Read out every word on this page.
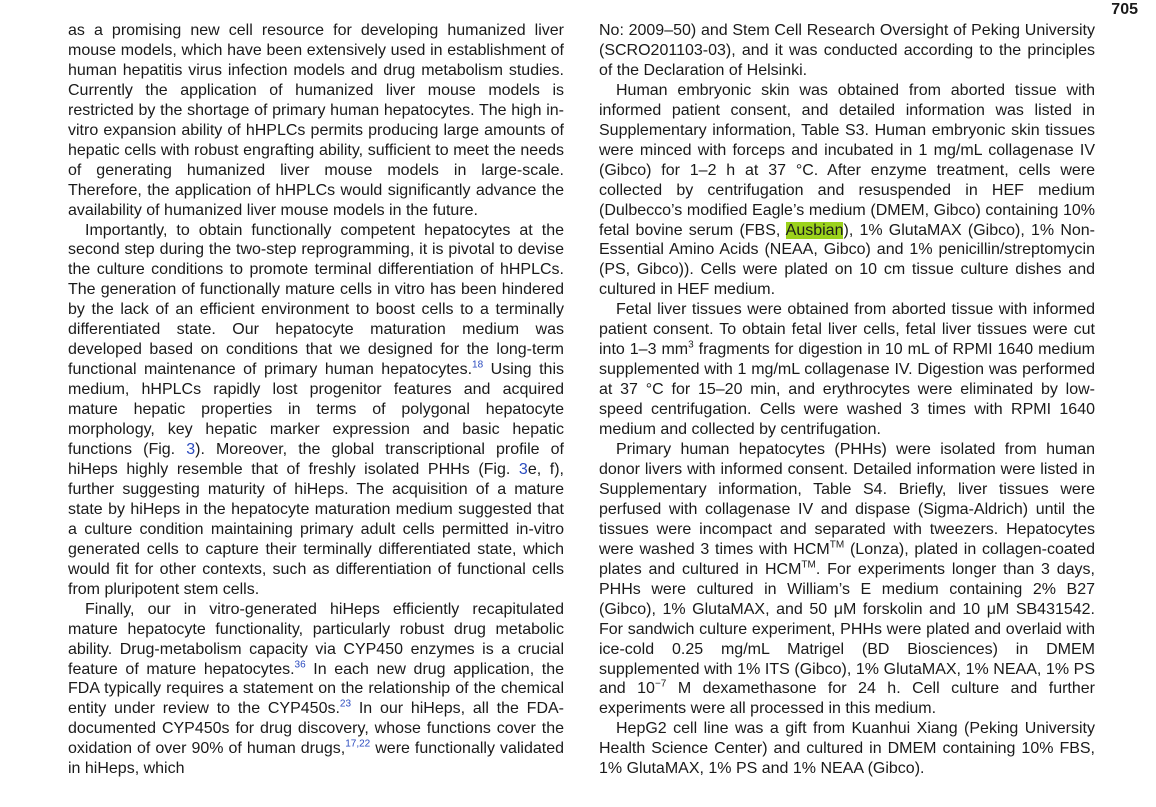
705

as a promising new cell resource for developing humanized liver mouse models, which have been extensively used in establishment of human hepatitis virus infection models and drug metabolism studies. Currently the application of humanized liver mouse models is restricted by the shortage of primary human hepatocytes. The high in-vitro expansion ability of hHPLCs permits producing large amounts of hepatic cells with robust engrafting ability, sufficient to meet the needs of generating humanized liver mouse models in large-scale. Therefore, the application of hHPLCs would significantly advance the availability of humanized liver mouse models in the future.

Importantly, to obtain functionally competent hepatocytes at the second step during the two-step reprogramming, it is pivotal to devise the culture conditions to promote terminal differentiation of hHPLCs. The generation of functionally mature cells in vitro has been hindered by the lack of an efficient environment to boost cells to a terminally differentiated state. Our hepatocyte maturation medium was developed based on conditions that we designed for the long-term functional maintenance of primary human hepatocytes.$^{18}$ Using this medium, hHPLCs rapidly lost progenitor features and acquired mature hepatic properties in terms of polygonal hepatocyte morphology, key hepatic marker expression and basic hepatic functions (Fig. 3). Moreover, the global transcriptional profile of hiHeps highly resemble that of freshly isolated PHHs (Fig. 3e, f), further suggesting maturity of hiHeps. The acquisition of a mature state by hiHeps in the hepatocyte maturation medium suggested that a culture condition maintaining primary adult cells permitted in-vitro generated cells to capture their terminally differentiated state, which would fit for other contexts, such as differentiation of functional cells from pluripotent stem cells.

Finally, our in vitro-generated hiHeps efficiently recapitulated mature hepatocyte functionality, particularly robust drug metabolic ability. Drug-metabolism capacity via CYP450 enzymes is a crucial feature of mature hepatocytes.$^{36}$ In each new drug application, the FDA typically requires a statement on the relationship of the chemical entity under review to the CYP450s.$^{23}$ In our hiHeps, all the FDA-documented CYP450s for drug discovery, whose functions cover the oxidation of over 90% of human drugs,$^{17,22}$ were functionally validated in hiHeps, which

No: 2009–50) and Stem Cell Research Oversight of Peking University (SCRO201103-03), and it was conducted according to the principles of the Declaration of Helsinki.

Human embryonic skin was obtained from aborted tissue with informed patient consent, and detailed information was listed in Supplementary information, Table S3. Human embryonic skin tissues were minced with forceps and incubated in 1 mg/mL collagenase IV (Gibco) for 1–2 h at 37 °C. After enzyme treatment, cells were collected by centrifugation and resuspended in HEF medium (Dulbecco’s modified Eagle’s medium (DMEM, Gibco) containing 10% fetal bovine serum (FBS, Ausbian), 1% GlutaMAX (Gibco), 1% Non-Essential Amino Acids (NEAA, Gibco) and 1% penicillin/streptomycin (PS, Gibco)). Cells were plated on 10 cm tissue culture dishes and cultured in HEF medium.

Fetal liver tissues were obtained from aborted tissue with informed patient consent. To obtain fetal liver cells, fetal liver tissues were cut into 1–3 $mm^3$ fragments for digestion in 10 mL of RPMI 1640 medium supplemented with 1 mg/mL collagenase IV. Digestion was performed at 37 °C for 15–20 min, and erythrocytes were eliminated by low-speed centrifugation. Cells were washed 3 times with RPMI 1640 medium and collected by centrifugation.

Primary human hepatocytes (PHHs) were isolated from human donor livers with informed consent. Detailed information were listed in Supplementary information, Table S4. Briefly, liver tissues were perfused with collagenase IV and dispase (Sigma-Aldrich) until the tissues were incompact and separated with tweezers. Hepatocytes were washed 3 times with HCM™ (Lonza), plated in collagen-coated plates and cultured in HCM™. For experiments longer than 3 days, PHHs were cultured in William’s E medium containing 2% B27 (Gibco), 1% GlutaMAX, and 50 μM forskolin and 10 μM SB431542. For sandwich culture experiment, PHHs were plated and overlaid with ice-cold 0.25 mg/mL Matrigel (BD Biosciences) in DMEM supplemented with 1% ITS (Gibco), 1% GlutaMAX, 1% NEAA, 1% PS and $10^{-7}$ M dexamethasone for 24 h. Cell culture and further experiments were all processed in this medium.

HepG2 cell line was a gift from Kuanhui Xiang (Peking University Health Science Center) and cultured in DMEM containing 10% FBS, 1% GlutaMAX, 1% PS and 1% NEAA (Gibco).
